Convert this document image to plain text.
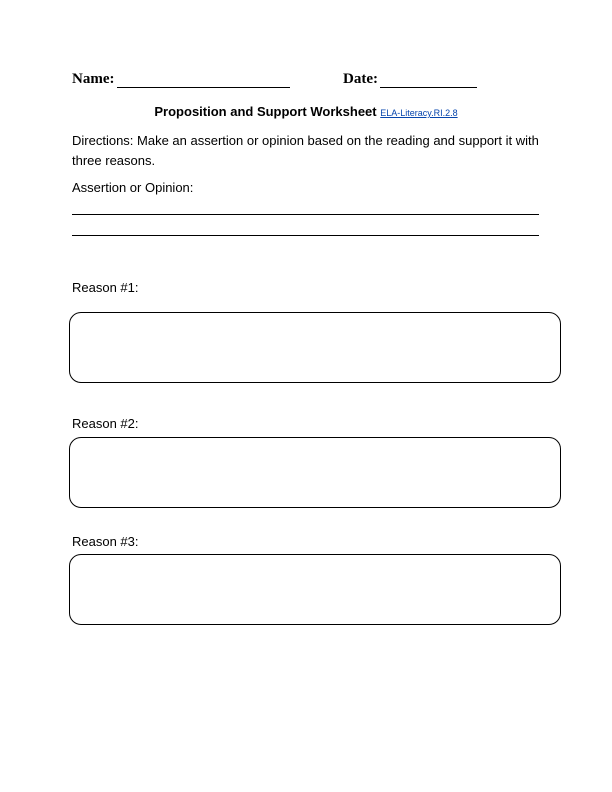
Name:	Date:
Proposition and Support Worksheet ELA-Literacy.RI.2.8
Directions: Make an assertion or opinion based on the reading and support it with three reasons.
Assertion or Opinion:
Reason #1:
Reason #2:
Reason #3:
